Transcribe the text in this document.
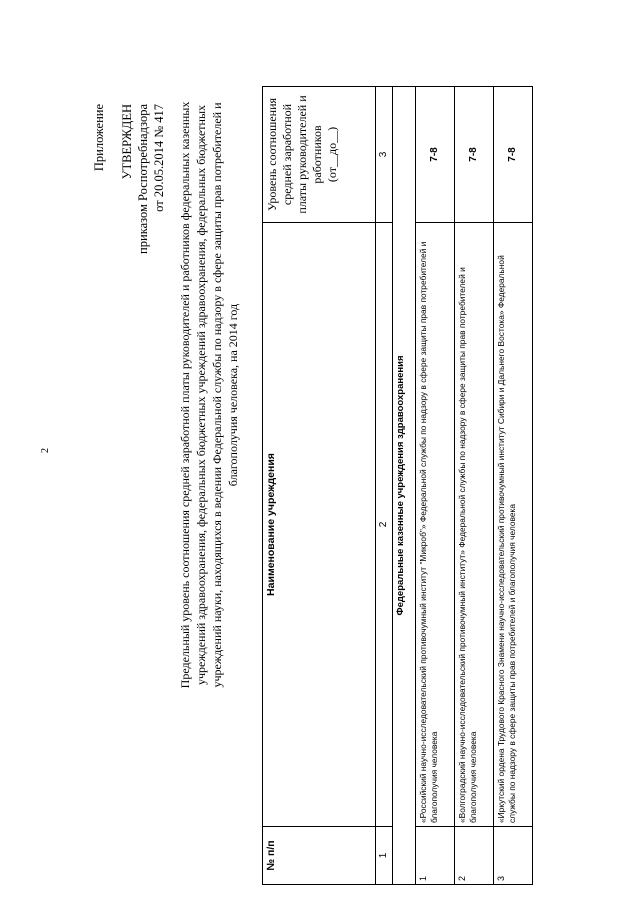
2
Приложение УТВЕРЖДЕН приказом Роспотребнадзора от 20.05.2014 № 417 Предельный уровень соотношения средней заработной платы руководителей и работников федеральных казенных учреждений здравоохранения, федеральных бюджетных учреждений здравоохранения, федеральных бюджетных учреждений науки, находящихся в ведении Федеральной службы по надзору в сфере защиты прав потребителей и благополучия человека, на 2014 год
№ п/п	Наименование учреждения	Уровень соотношения средней заработной платы руководителей и работников (от__до__)

1	2	3
Федеральные казенные учреждения здравоохранения		
1	«Российский научно-исследовательский противочумный институт "Микроб"» Федеральной службы по надзору в сфере защиты прав потребителей и благополучия человека	7-8
2	«Волгоградский научно-исследовательский противочумный институт» Федеральной службы по надзору в сфере защиты прав потребителей и благополучия человека	7-8
3	«Иркутский ордена Трудового Красного Знамени научно-исследовательский противочумный институт Сибири и Дальнего Востока» Федеральной службы по надзору в сфере защиты прав потребителей и благополучия человека	7-8
